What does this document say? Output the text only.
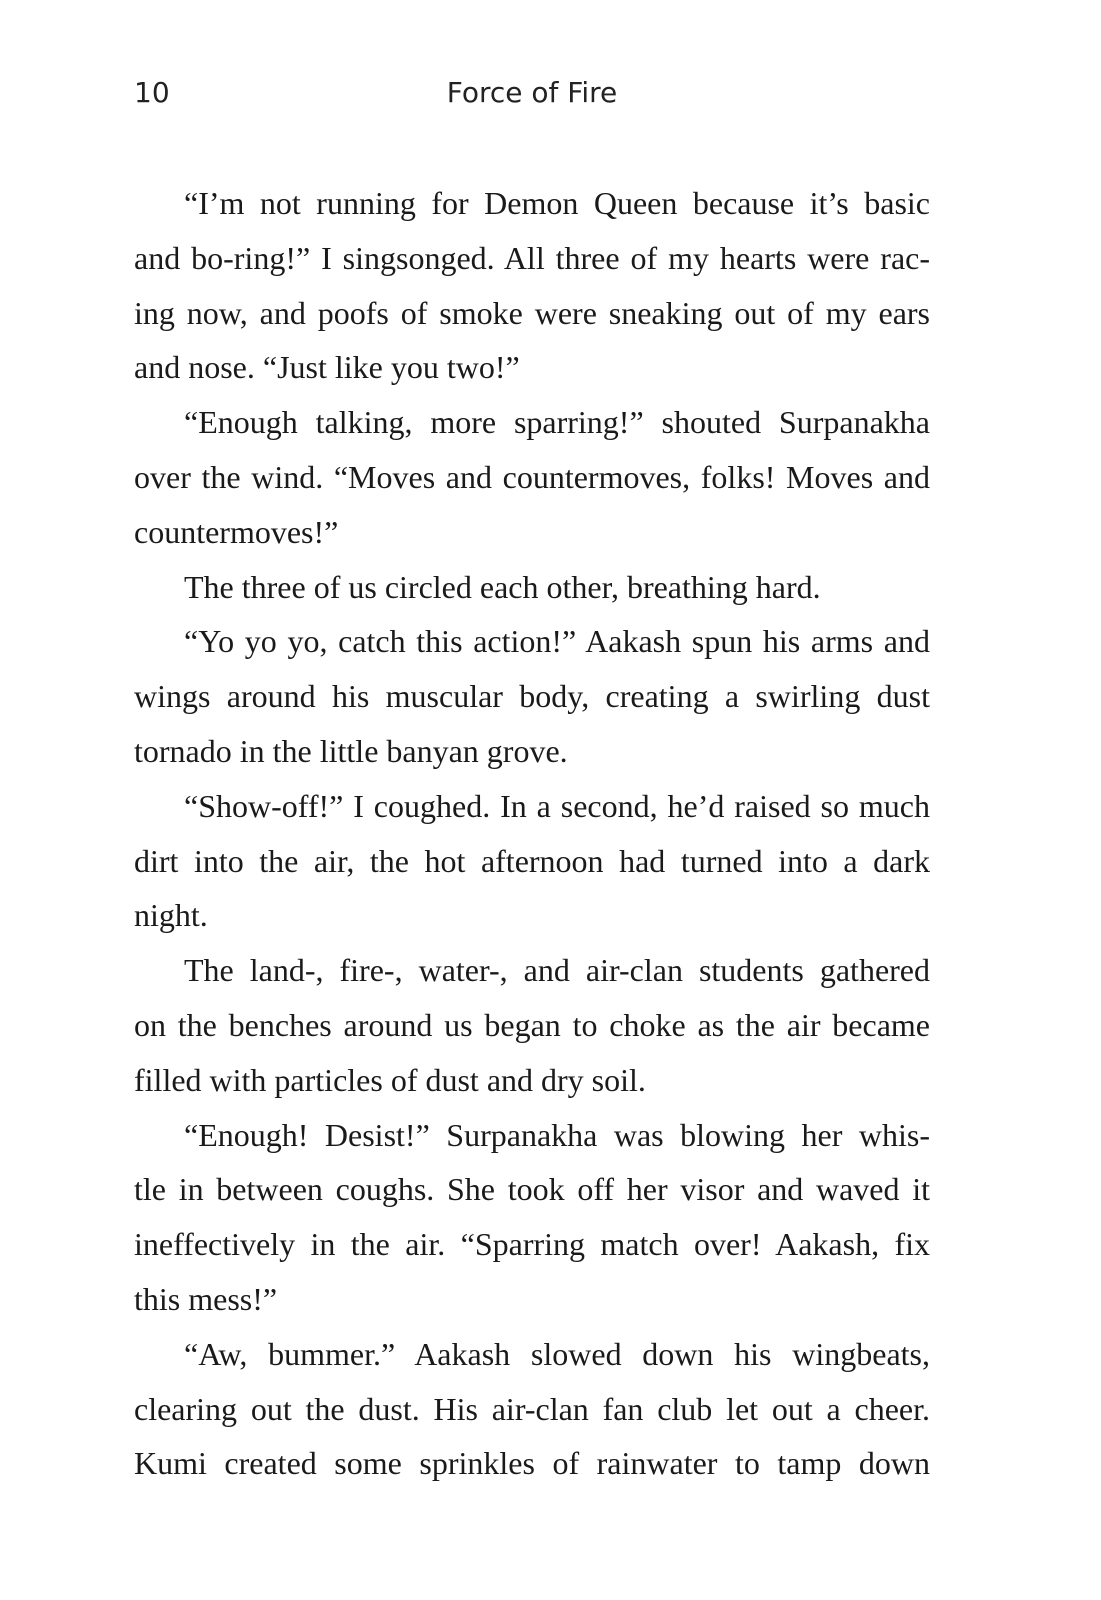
10	Force of Fire
“I’m not running for Demon Queen because it’s basic
and bo-ring!” I singsonged. All three of my hearts were rac-
ing now, and poofs of smoke were sneaking out of my ears
and nose. “Just like you two!”
“Enough talking, more sparring!” shouted Surpanakha
over the wind. “Moves and countermoves, folks! Moves and
countermoves!”
The three of us circled each other, breathing hard.
“Yo yo yo, catch this action!” Aakash spun his arms and
wings around his muscular body, creating a swirling dust
tornado in the little banyan grove.
“Show-off!” I coughed. In a second, he’d raised so much
dirt into the air, the hot afternoon had turned into a dark
night.
The land-, fire-, water-, and air-clan students gathered
on the benches around us began to choke as the air became
filled with particles of dust and dry soil.
“Enough! Desist!” Surpanakha was blowing her whis-
tle in between coughs. She took off her visor and waved it
ineffectively in the air. “Sparring match over! Aakash, fix
this mess!”
“Aw, bummer.” Aakash slowed down his wingbeats,
clearing out the dust. His air-clan fan club let out a cheer.
Kumi created some sprinkles of rainwater to tamp down
